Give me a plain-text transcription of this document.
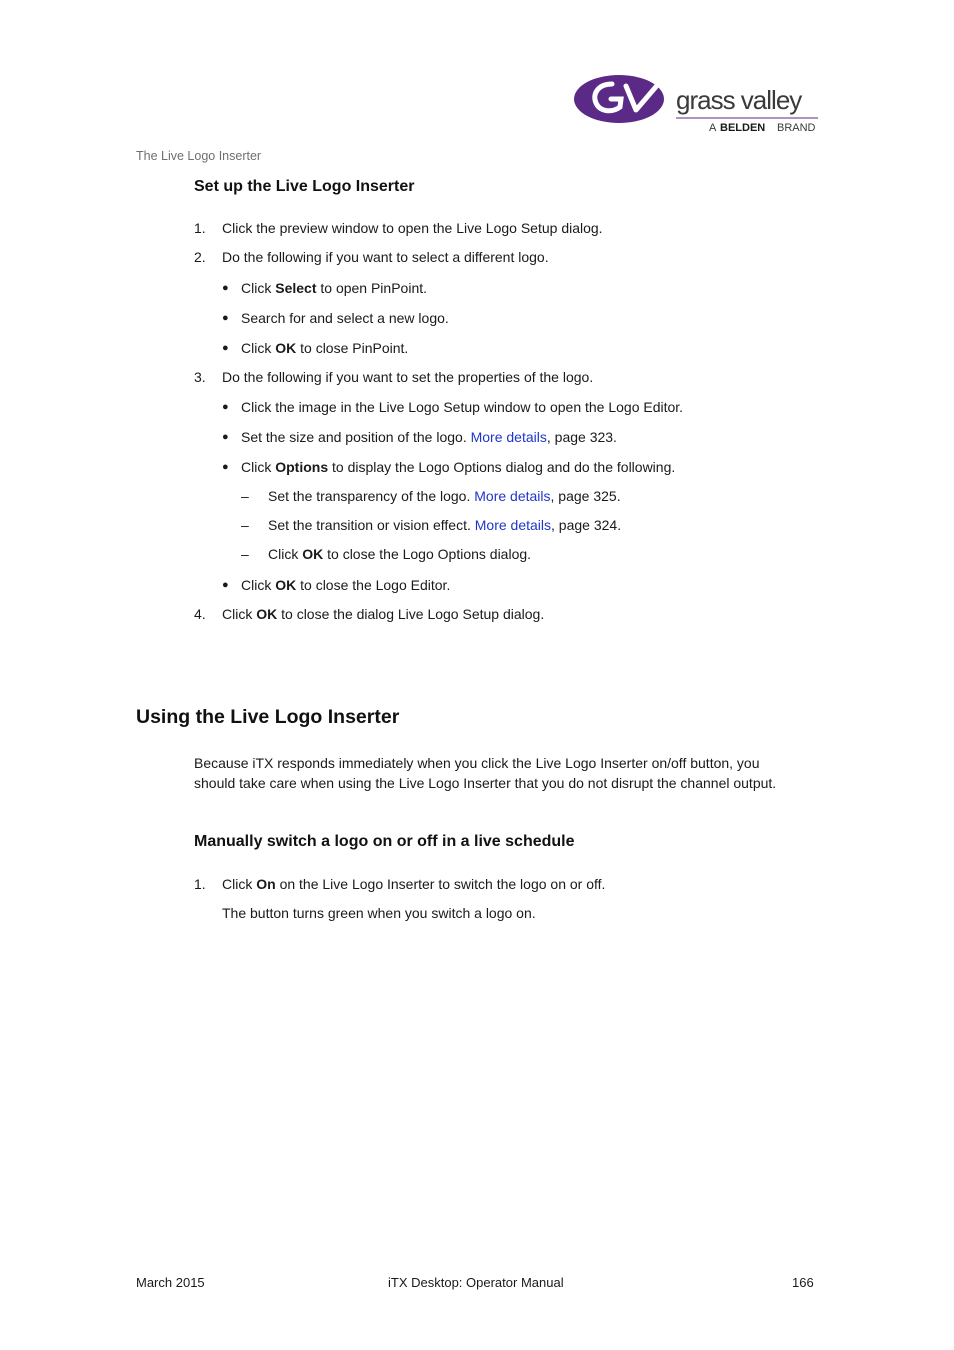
grass valley
A BELDEN BRAND
The Live Logo Inserter
Set up the Live Logo Inserter
1. Click the preview window to open the Live Logo Setup dialog.
2. Do the following if you want to select a different logo.
● Click Select to open PinPoint.
● Search for and select a new logo.
● Click OK to close PinPoint.
3. Do the following if you want to set the properties of the logo.
● Click the image in the Live Logo Setup window to open the Logo Editor.
● Set the size and position of the logo. More details, page 323.
● Click Options to display the Logo Options dialog and do the following.
– Set the transparency of the logo. More details, page 325.
– Set the transition or vision effect. More details, page 324.
– Click OK to close the Logo Options dialog.
● Click OK to close the Logo Editor.
4. Click OK to close the dialog Live Logo Setup dialog.
Using the Live Logo Inserter
Because iTX responds immediately when you click the Live Logo Inserter on/off button, you
should take care when using the Live Logo Inserter that you do not disrupt the channel output.
Manually switch a logo on or off in a live schedule
1. Click On on the Live Logo Inserter to switch the logo on or off.
The button turns green when you switch a logo on.
March 2015	iTX Desktop: Operator Manual	166
